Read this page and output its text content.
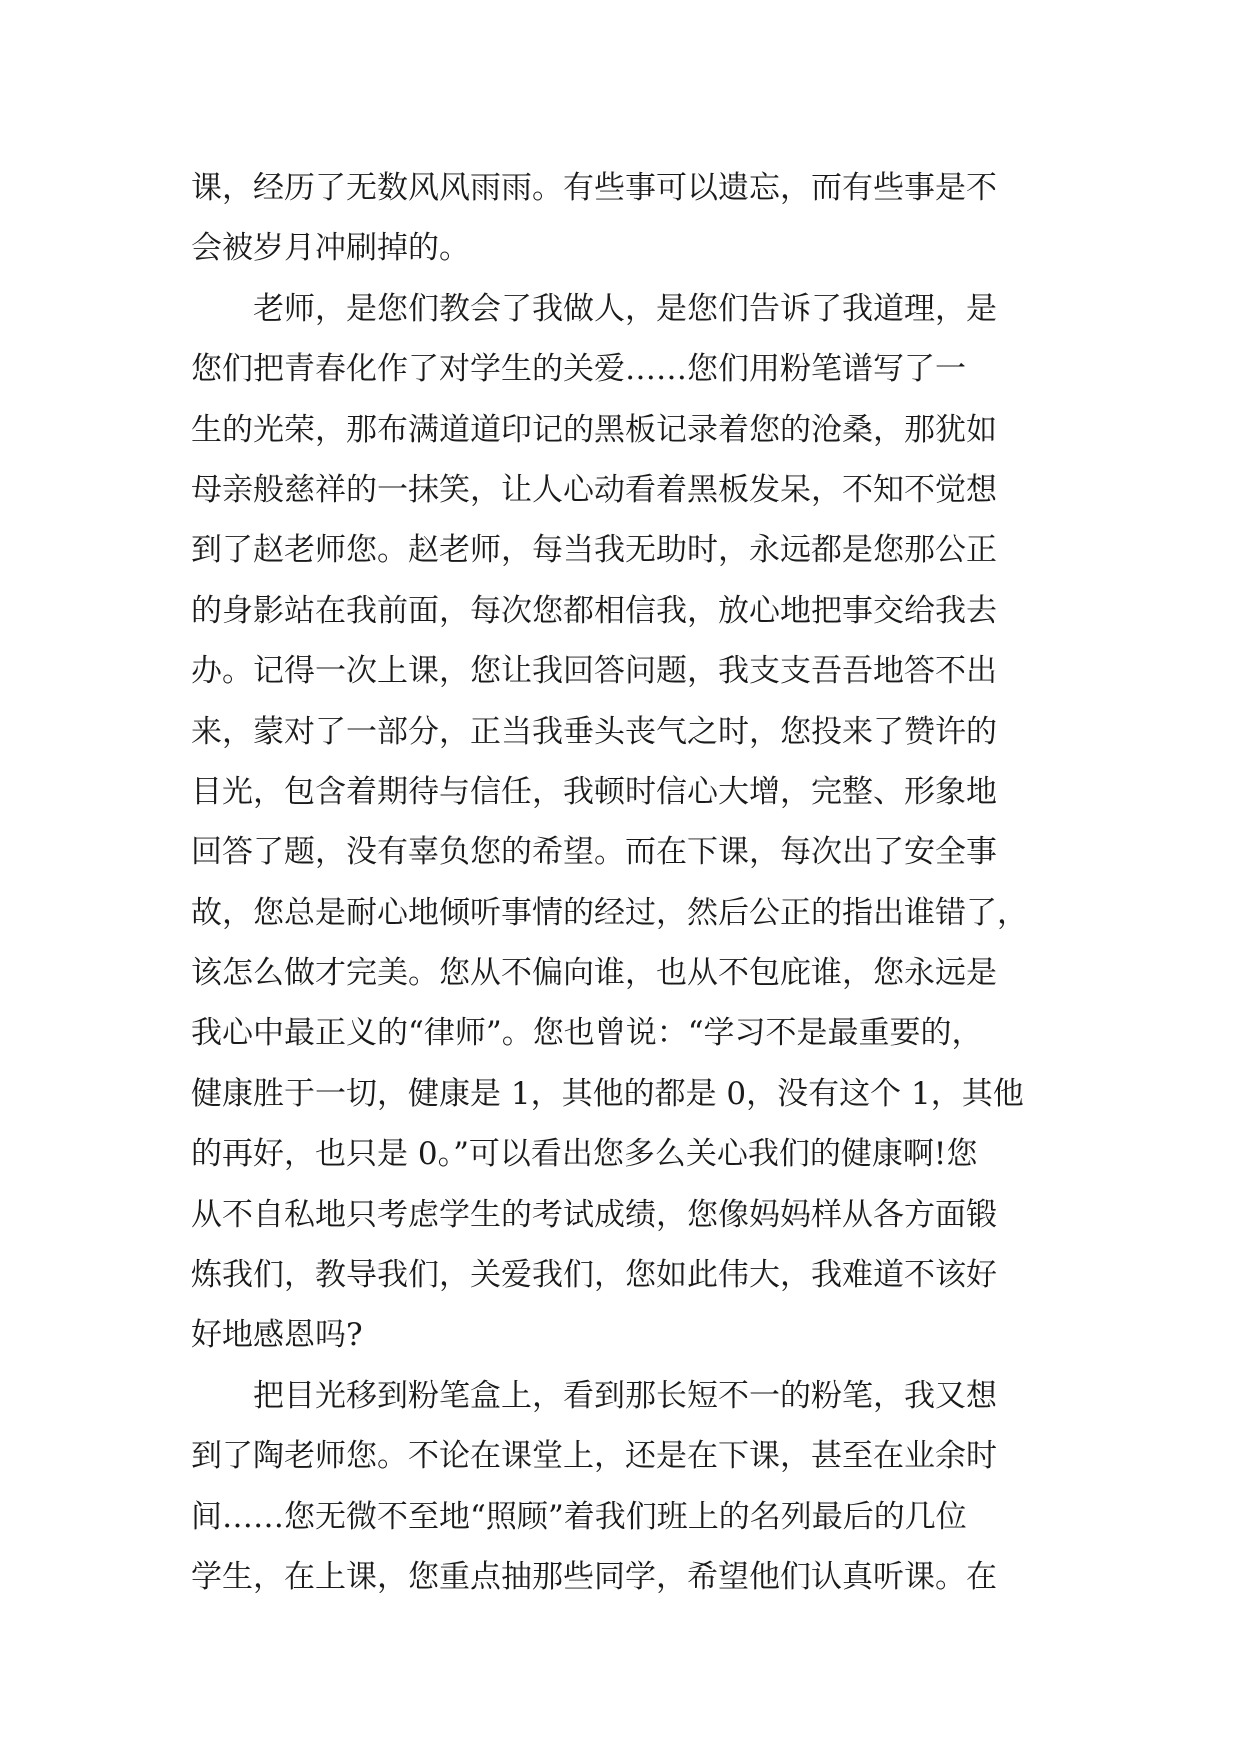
课，经历了无数风风雨雨。有些事可以遗忘，而有些事是不
会被岁月冲刷掉的。
　　老师，是您们教会了我做人，是您们告诉了我道理，是
您们把青春化作了对学生的关爱……您们用粉笔谱写了一
生的光荣，那布满道道印记的黑板记录着您的沧桑，那犹如
母亲般慈祥的一抹笑，让人心动看着黑板发呆，不知不觉想
到了赵老师您。赵老师，每当我无助时，永远都是您那公正
的身影站在我前面，每次您都相信我，放心地把事交给我去
办。记得一次上课，您让我回答问题，我支支吾吾地答不出
来，蒙对了一部分，正当我垂头丧气之时，您投来了赞许的
目光，包含着期待与信任，我顿时信心大增，完整、形象地
回答了题，没有辜负您的希望。而在下课，每次出了安全事
故，您总是耐心地倾听事情的经过，然后公正的指出谁错了，
该怎么做才完美。您从不偏向谁，也从不包庇谁，您永远是
我心中最正义的“律师”。您也曾说：“学习不是最重要的，
健康胜于一切，健康是 1，其他的都是 0，没有这个 1，其他
的再好，也只是 0。”可以看出您多么关心我们的健康啊!您
从不自私地只考虑学生的考试成绩，您像妈妈样从各方面锻
炼我们，教导我们，关爱我们，您如此伟大，我难道不该好
好地感恩吗?
　　把目光移到粉笔盒上，看到那长短不一的粉笔，我又想
到了陶老师您。不论在课堂上，还是在下课，甚至在业余时
间……您无微不至地“照顾”着我们班上的名列最后的几位
学生，在上课，您重点抽那些同学，希望他们认真听课。在
